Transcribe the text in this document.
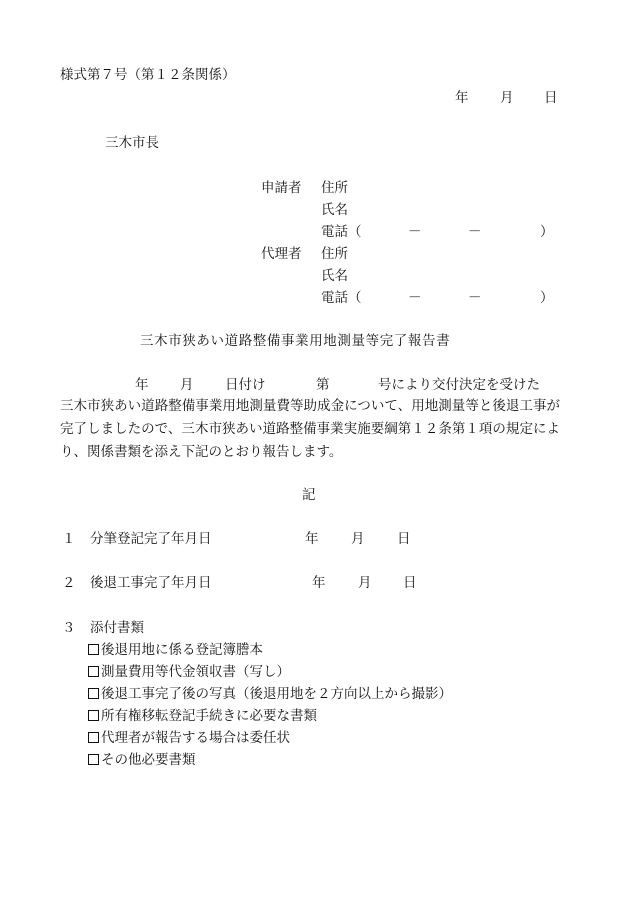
様式第７号（第１２条関係）
年 月 日
三木市長
申請者 住所
氏名
電話（	－	－	）
代理者 住所
氏名
電話（	－	－	）
三木市狭あい道路整備事業用地測量等完了報告書
年 月 日付け	第	号により交付決定を受けた
三木市狭あい道路整備事業用地測量費等助成金について、用地測量等と後退工事が完了しましたので、三木市狭あい道路整備事業実施要綱第１２条第１項の規定により、関係書類を添え下記のとおり報告します。
記
１ 分筆登記完了年月日	年 月 日
２ 後退工事完了年月日	年 月 日
３ 添付書類
後退用地に係る登記簿謄本
測量費用等代金領収書（写し）
後退工事完了後の写真（後退用地を２方向以上から撮影）
所有権移転登記手続きに必要な書類
代理者が報告する場合は委任状
その他必要書類
